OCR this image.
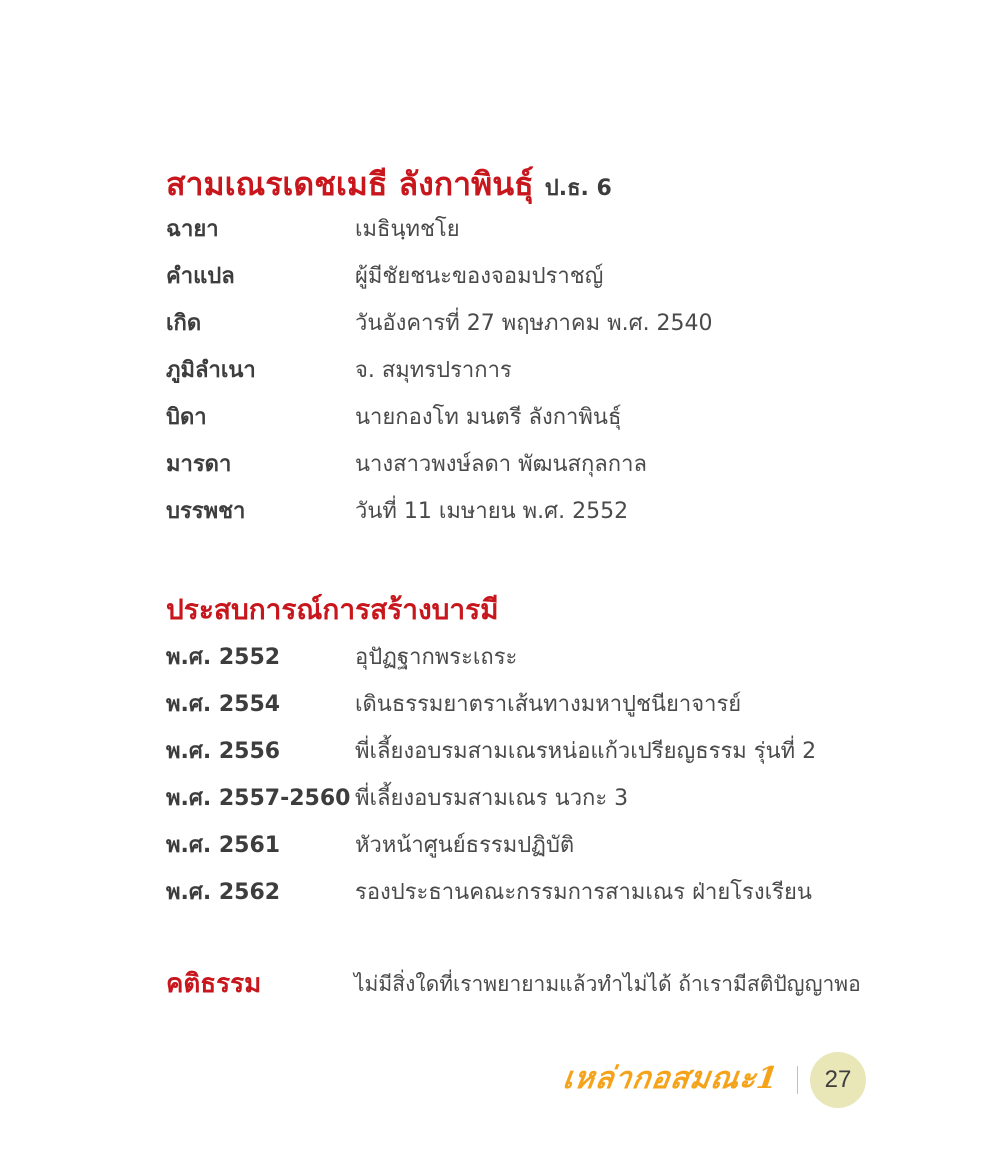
สามเณรเดชเมธี ลังกาพินธุ์ ป.ธ. 6
ฉายา	เมธินฺทชโย
คำแปล	ผู้มีชัยชนะของจอมปราชญ์
เกิด	วันอังคารที่ 27 พฤษภาคม พ.ศ. 2540
ภูมิลำเนา	จ. สมุทรปราการ
บิดา	นายกองโท มนตรี ลังกาพินธุ์
มารดา	นางสาวพงษ์ลดา พัฒนสกุลกาล
บรรพชา	วันที่ 11 เมษายน พ.ศ. 2552
ประสบการณ์การสร้างบารมี
พ.ศ. 2552	อุปัฏฐากพระเถระ
พ.ศ. 2554	เดินธรรมยาตราเส้นทางมหาปูชนียาจารย์
พ.ศ. 2556	พี่เลี้ยงอบรมสามเณรหน่อแก้วเปรียญธรรม รุ่นที่ 2
พ.ศ. 2557-2560 พี่เลี้ยงอบรมสามเณร นวกะ 3
พ.ศ. 2561	หัวหน้าศูนย์ธรรมปฏิบัติ
พ.ศ. 2562	รองประธานคณะกรรมการสามเณร ฝ่ายโรงเรียน
คติธรรม	ไม่มีสิ่งใดที่เราพยายามแล้วทำไม่ได้ ถ้าเรามีสติปัญญาพอ
เหล่ากอสมณะ1	27
